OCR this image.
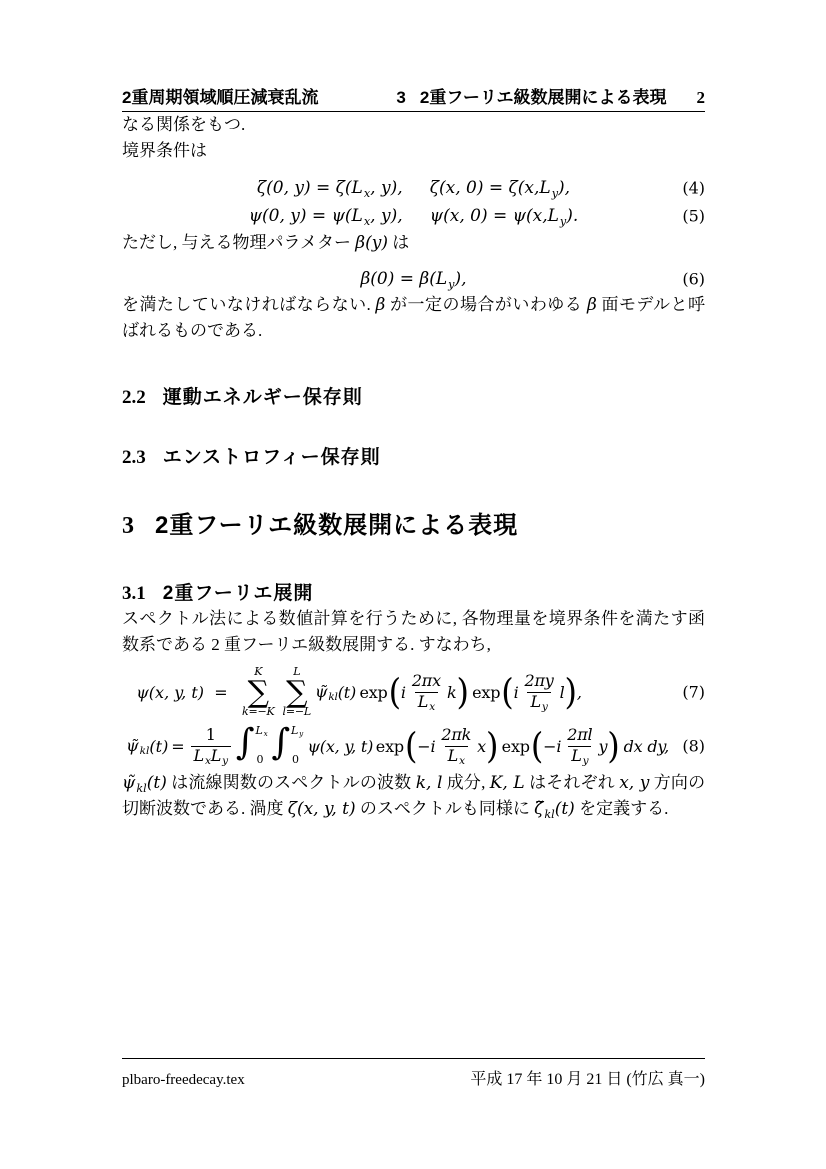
2重周期領域順圧減衰乱流	3 2重フーリエ級数展開による表現 2

なる関係をもつ.

境界条件は

ζ(0, y) = ζ( $L_x$ , y), ζ(x, 0) = ζ(x, $L_y$ ),	(4)
ψ(0, y) = ψ( $L_x$ , y), ψ(x, 0) = ψ(x, $L_y$ ).	(5)

ただし, 与える物理パラメター β(y) は

β(0) = β( $L_y$ ),	(6)

を満たしていなければならない. β が一定の場合がいわゆる β 面モデルと呼ばれるものである.

2.2 運動エネルギー保存則
2.3 エンストロフィー保存則
3 2重フーリエ級数展開による表現
3.1 2重フーリエ展開

スペクトル法による数値計算を行うために, 各物理量を境界条件を満たす函数系である 2 重フーリエ級数展開する. すなわち,

ψ(x, y, t) =
K
∑
k=−K
L
∑
l=−L
$\psĩ_{kl}$ (t) exp ( i
2πx
$L_x$
k ) exp ( i
2πy
$L_y$
l ) ,	(7)
$\psĩ_{kl}$ (t) =
1
$L_xL_y$ ∫ $L_x$
0 ∫ $L_y$
0
ψ(x, y, t) exp ( −i
2πk
$L_x$
x ) exp ( −i
2πl
$L_y$
y ) dx dy, (8)

$\psĩ_{kl}(t)$ は流線関数のスペクトルの波数 k, l 成分, K, L はそれぞれ x, y 方向の切断波数である. 渦度 ζ(x, y, t) のスペクトルも同様に $\zetã_{kl}(t)$ を定義する.

plbaro-freedecay.tex	平成 17 年 10 月 21 日 (竹広 真一)
